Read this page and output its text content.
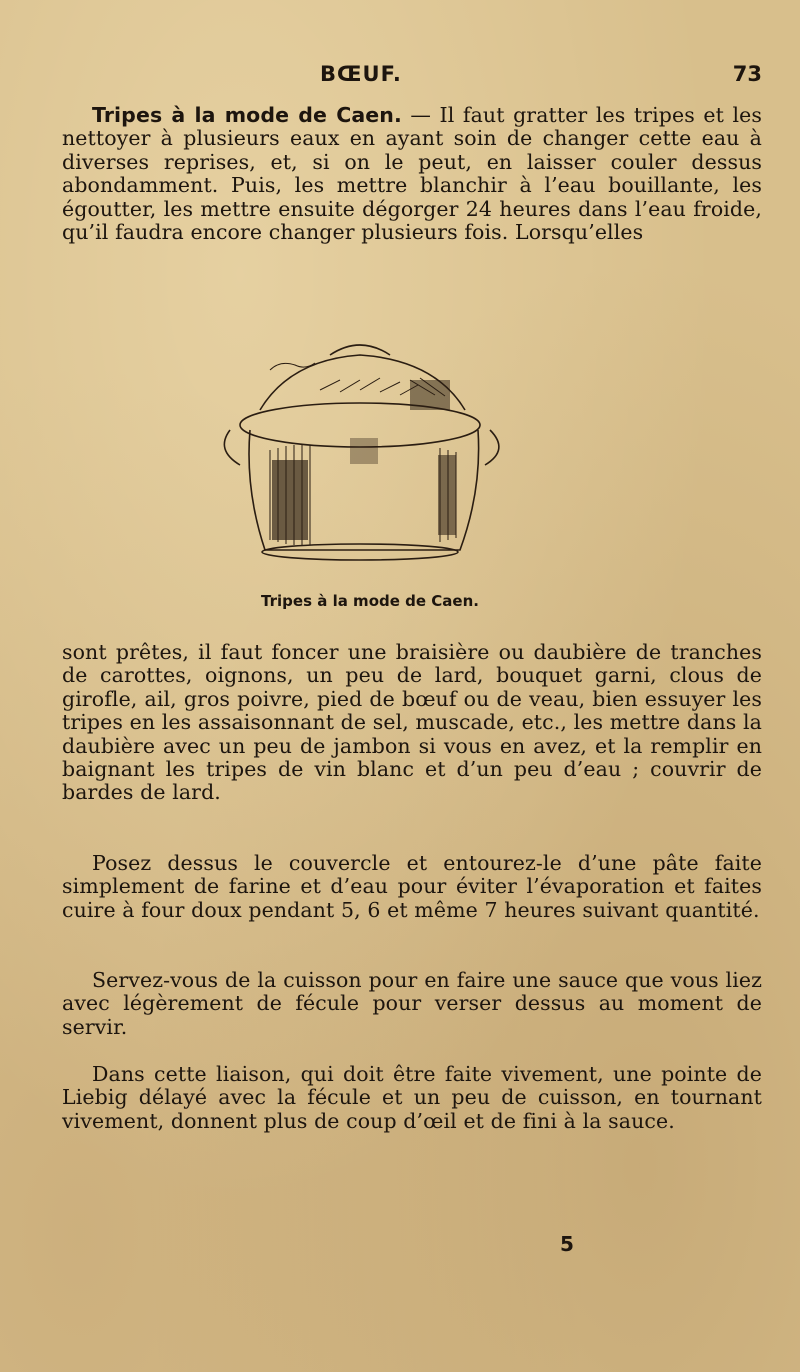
BŒUF.	73

Tripes à la mode de Caen. — Il faut gratter les tripes et les nettoyer à plusieurs eaux en ayant soin de changer cette eau à diverses reprises, et, si on le peut, en laisser couler dessus abondamment. Puis, les mettre blanchir à l’eau bouillante, les égoutter, les mettre ensuite dégorger 24 heures dans l’eau froide, qu’il faudra encore changer plusieurs fois. Lorsqu’elles

Tripes à la mode de Caen.

sont prêtes, il faut foncer une braisière ou daubière de tranches de carottes, oignons, un peu de lard, bouquet garni, clous de girofle, ail, gros poivre, pied de bœuf ou de veau, bien essuyer les tripes en les assaisonnant de sel, muscade, etc., les mettre dans la daubière avec un peu de jambon si vous en avez, et la remplir en baignant les tripes de vin blanc et d’un peu d’eau ; couvrir de bardes de lard.

Posez dessus le couvercle et entourez-le d’une pâte faite simplement de farine et d’eau pour éviter l’évaporation et faites cuire à four doux pendant 5, 6 et même 7 heures suivant quantité.

Servez-vous de la cuisson pour en faire une sauce que vous liez avec légèrement de fécule pour verser dessus au moment de servir.

Dans cette liaison, qui doit être faite vivement, une pointe de Liebig délayé avec la fécule et un peu de cuisson, en tournant vivement, donnent plus de coup d’œil et de fini à la sauce.

5
